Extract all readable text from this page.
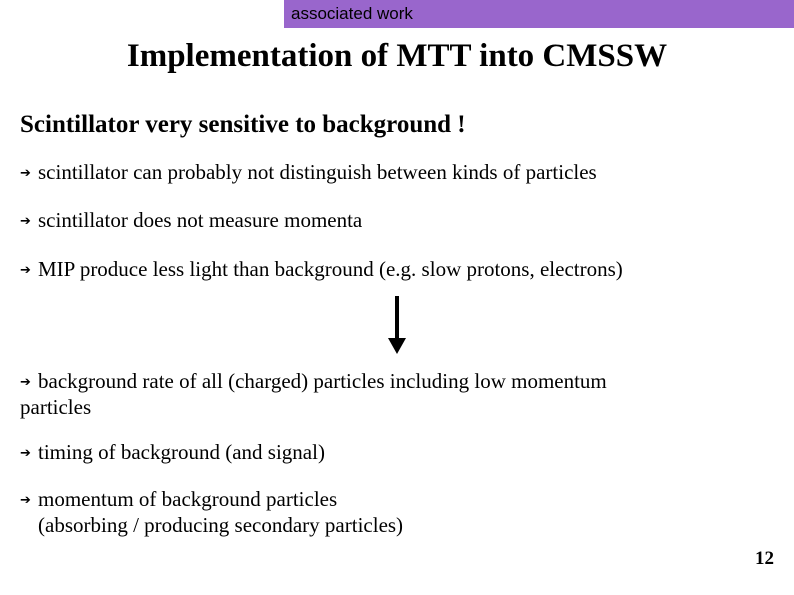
associated work
Implementation of MTT into CMSSW
Scintillator very sensitive to background !
➔ scintillator can probably not distinguish between kinds of particles
➔ scintillator does not measure momenta
➔ MIP produce less light than background (e.g. slow protons, electrons)
➔ background rate of all (charged) particles including low momentum
particles
➔ timing of background (and signal)
➔ momentum of background particles
(absorbing / producing secondary particles)
12
